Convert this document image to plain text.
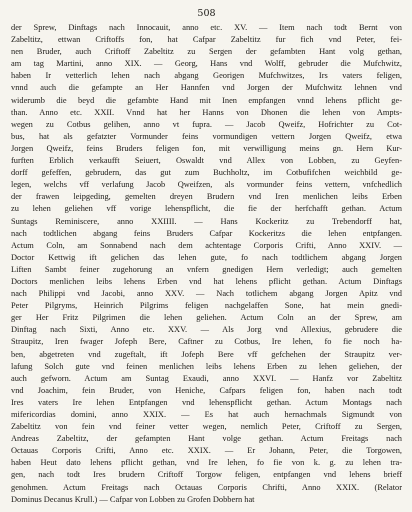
508
der Sprew, Dinftags nach Innocauit, anno etc. XV. — Item nach todt Bernt von
Zabeltitz, ettwan Criftoffs fon, hat Cafpar Zabeltitz fur fich vnd Peter, fei-
nen Bruder, auch Criftoff Zabeltitz zu Sergen der gefambten Hant volg gethan,
am tag Martini, anno XIX. — Georg, Hans vnd Wolff, gebruder die Mufchwitz,
haben Ir vetterlich lehen nach abgang Georigen Mufchwitzes, Irs vaters feligen,
vnnd auch die gefampte an Her Hannfen vnd Jorgen der Mufchwitz lehnen vnd
widerumb die beyd die gefambte Hand mit Inen empfangen vnnd lehens pflicht ge-
than. Anno etc. XXII. Vnnd hat her Hanns von Dhonen die lehen von Ampts-
wegen zu Cotbus gelihen, anno vt fupra. — Jacob Qweifz, Hofrichter zu Cot-
bus, hat als gefatzter Vormunder feins vormundigen vettern Jorgen Qweifz, etwa
Jorgen Qweifz, feins Bruders feligen fon, mit verwilligung meins gn. Hern Kur-
furften Erblich verkaufft Seiuert, Oswaldt vnd Allex von Lobben, zu Geyfen-
dorff gefeffen, gebrudern, das gut zum Buchholtz, im Cotbufifchen weichbild ge-
legen, welchs vff verlafung Jacob Qweifzen, als vormunder feins vettern, vnfchedlich
der frawen leipgeding, gemelten dreyen Brudern vnd Iren menlichen leibs Erben
zu lehen geliehen vff vorige lehenspflicht, die fie der herfchafft gethan. Actum
Suntags Reminiscere, anno XXIIII. — Hans Kockeritz zu Trebendorff hat,
nach todtlichen abgang feins Bruders Cafpar Kockeritzs die lehen entpfangen.
Actum Coln, am Sonnabend nach dem achtentage Corporis Crifti, Anno XXIV. —
Doctor Kettwig ift gelichen das lehen gute, fo nach todtlichem abgang Jorgen
Liften Sambt feiner zugehorung an vnfern gnedigen Hern verledigt; auch gemelten
Doctors menlichen leibs lehens Erben vnd hat lehens pflicht gethan. Actum Dinftags
nach Philippi vnd Jacobi, anno XXV. — Nach totlichem abgang Jorgen Apitz vnd
Peter Pilgryms, Heinrich Pilgrims feligen nachgelaffen Sone, hat mein gnedi-
ger Her Fritz Pilgrimen die lehen geliehen. Actum Coln an der Sprew, am
Dinftag nach Sixti, Anno etc. XXV. — Als Jorg vnd Allexius, gebrudere die
Straupitz, Iren fwager Jofeph Bere, Caftner zu Cotbus, Ire lehen, fo fie noch ha-
ben, abgetreten vnd zugeftalt, ift Jofeph Bere vff gefchehen der Straupitz ver-
lafung Solch gute vnd feinen menlichen leibs lehens Erben zu lehen geliehen, der
auch gefworn. Actum am Suntag Exaudi, anno XXVI. — Hanfz vor Zabeltitz
vnd Joachim, fein Bruder, von Heniche, Cafpars feligen fon, haben nach todt
Ires vaters Ire lehen Entpfangen vnd lehenspflicht gethan. Actum Montags nach
mifericordias domini, anno XXIX. — Es hat auch hernachmals Sigmundt von
Zabeltitz von fein vnd feiner vetter wegen, nemlich Peter, Criftoff zu Sergen,
Andreas Zabeltitz, der gefampten Hant volge gethan. Actum Freitags nach
Octauas Corporis Crifti, Anno etc. XXIX. — Er Johann, Peter, die Torgowen,
haben Heut dato lehens pflicht gethan, vnd Ire lehen, fo fie von k. g. zu lehen tra-
gen, nach todt Ires brudern Criftoff Torgow feligen, entpfangen vnd lehens brieff
genohmen. Actum Freitags nach Octauas Corporis Chrifti, Anno XXIX. (Relator
Dominus Decanus Krull.) — Cafpar von Lobben zu Grofen Dobbern hat
